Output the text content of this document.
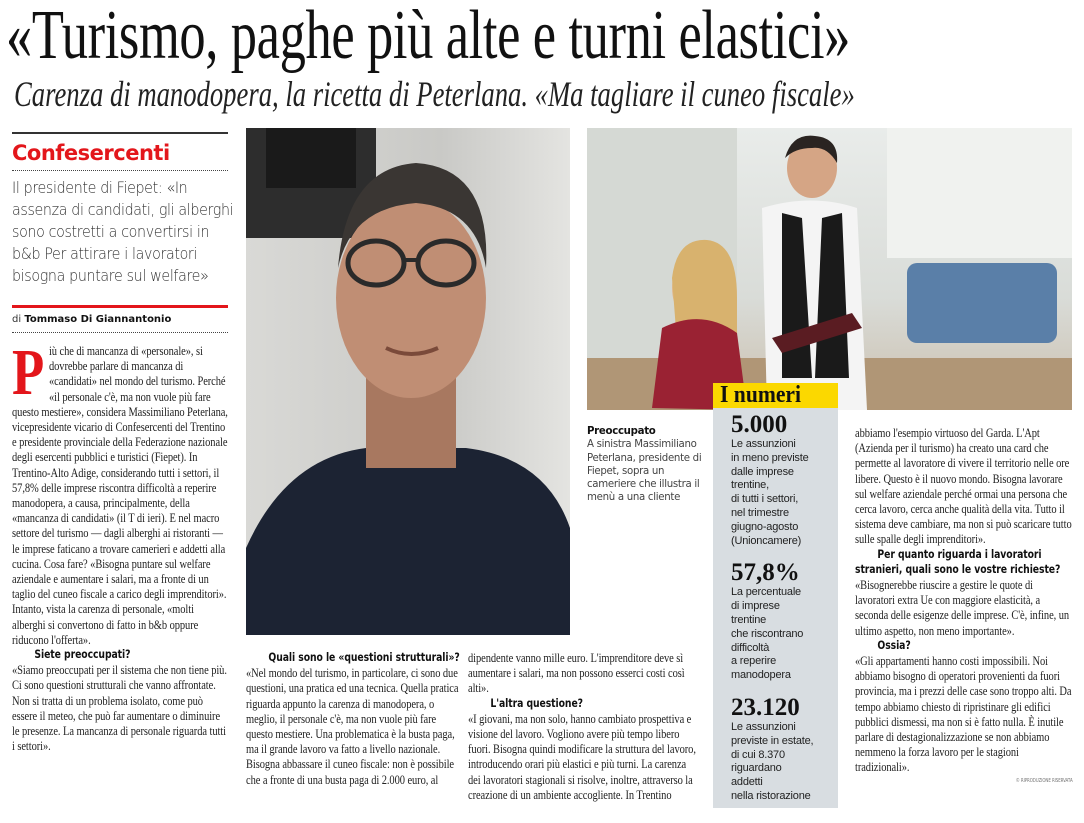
«Turismo, paghe più alte e turni elastici»
Carenza di manodopera, la ricetta di Peterlana. «Ma tagliare il cuneo fiscale»
Confesercenti
Il presidente di Fiepet: «In assenza di candidati, gli alberghi sono costretti a convertirsi in b&b Per attirare i lavoratori bisogna puntare sul welfare»
di Tommaso Di Giannantonio
Più che di mancanza di «personale», si dovrebbe parlare di mancanza di «candidati» nel mondo del turismo. Perché «il personale c'è, ma non vuole più fare questo mestiere», considera Massimiliano Peterlana, vicepresidente vicario di Confesercenti del Trentino e presidente provinciale della Federazione nazionale degli esercenti pubblici e turistici (Fiepet). In Trentino-Alto Adige, considerando tutti i settori, il 57,8% delle imprese riscontra difficoltà a reperire manodopera, a causa, principalmente, della «mancanza di candidati» (il T di ieri). E nel macro settore del turismo — dagli alberghi ai ristoranti — le imprese faticano a trovare camerieri e addetti alla cucina. Cosa fare? «Bisogna puntare sul welfare aziendale e aumentare i salari, ma a fronte di un taglio del cuneo fiscale a carico degli imprenditori». Intanto, vista la carenza di personale, «molti alberghi si convertono di fatto in b&b oppure riducono l'offerta».

Siete preoccupati?

«Siamo preoccupati per il sistema che non tiene più. Ci sono questioni strutturali che vanno affrontate. Non si tratta di un problema isolato, come può essere il meteo, che può far aumentare o diminuire le presenze. La mancanza di personale riguarda tutti i settori».

Quali sono le «questioni strutturali»?

«Nel mondo del turismo, in particolare, ci sono due questioni, una pratica ed una tecnica. Quella pratica riguarda appunto la carenza di manodopera, o meglio, il personale c'è, ma non vuole più fare questo mestiere. Una problematica è la busta paga, ma il grande lavoro va fatto a livello nazionale. Bisogna abbassare il cuneo fiscale: non è possibile che a fronte di una busta paga di 2.000 euro, al

dipendente vanno mille euro. L'imprenditore deve sì aumentare i salari, ma non possono esserci costi così alti».

L'altra questione?

«I giovani, ma non solo, hanno cambiato prospettiva e visione del lavoro. Vogliono avere più tempo libero fuori. Bisogna quindi modificare la struttura del lavoro, introducendo orari più elastici e più turni. La carenza dei lavoratori stagionali si risolve, inoltre, attraverso la creazione di un ambiente accogliente. In Trentino

abbiamo l'esempio virtuoso del Garda. L'Apt (Azienda per il turismo) ha creato una card che permette al lavoratore di vivere il territorio nelle ore libere. Questo è il nuovo mondo. Bisogna lavorare sul welfare aziendale perché ormai una persona che cerca lavoro, cerca anche qualità della vita. Tutto il sistema deve cambiare, ma non si può scaricare tutto sulle spalle degli imprenditori».

Per quanto riguarda i lavoratori stranieri, quali sono le vostre richieste?

«Bisognerebbe riuscire a gestire le quote di lavoratori extra Ue con maggiore elasticità, a seconda delle esigenze delle imprese. C'è, infine, un ultimo aspetto, non meno importante».

Ossia?

«Gli appartamenti hanno costi impossibili. Noi abbiamo bisogno di operatori provenienti da fuori provincia, ma i prezzi delle case sono troppo alti. Da tempo abbiamo chiesto di ripristinare gli edifici pubblici dismessi, ma non si è fatto nulla. È inutile parlare di destagionalizzazione se non abbiamo nemmeno la forza lavoro per le stagioni tradizionali».

© RIPRODUZIONE RISERVATA
Preoccupato
A sinistra Massimiliano Peterlana, presidente di Fiepet, sopra un cameriere che illustra il menù a una cliente
I numeri
5.000
Le assunzioni
in meno previste
dalle imprese
trentine,
di tutti i settori,
nel trimestre
giugno-agosto
(Unioncamere)
57,8%
La percentuale
di imprese
trentine
che riscontrano
difficoltà
a reperire
manodopera
23.120
Le assunzioni
previste in estate,
di cui 8.370
riguardano
addetti
nella ristorazione
